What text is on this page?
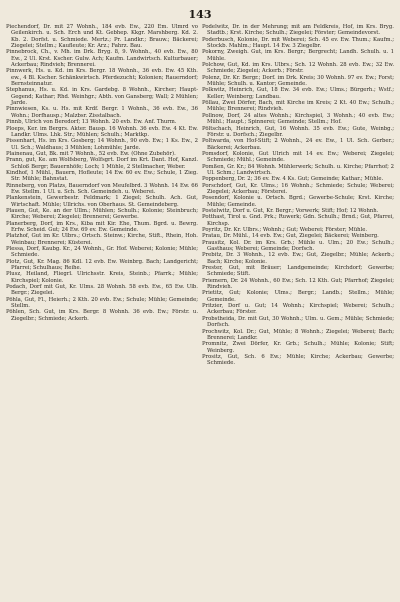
143

Piechendorf, Dr. mit 27 Wohnh., 184 evb. Ew., 220 Em. Ulmrd vo Geilenkirch. u. Sch. Erch und Kt. Gebhep. Kkgr. Marshberg. Kd. 2. Kb. 2. Dorfst. u. Schmiede. Mertz.; Pr. Landkr.; Brauw.; Bäckerei; Ziegelei; Stellm.; Kaufleute; Kr. Arz.; Fahrz. Bau.

Pinnebrock, Ch., v. Mh. im Drk. Bryg. 8, 9. Wohnh., 40 evb. Ew., 80 Ew., 2 Ul. Krst. Kscher. Gulw. Ach; Kaufm. Landwirtsch. Kulturbauer; Ackerbau; Rindvieh; Brennerei.

Pinnwerk, Hs. u. Kd. im Krs. Bergr. 18 Wohnh., 36 evb. Ew. 45 Kth. ew., 4 Bl. Kscher. Schänkwirtsch. Pferdezucht; Kolonien; Rauerndorf; Bernsteinnatur.

Stephanus, Hs. u. Kd. in Krs. Gardebg. 8 Wohnh., Kircher; Haupt-Gegend; Kathar; Rhd. Weinhgr.; Abth. von Gansberg; Wall; 2 Mühlen; Jarde.

Pinnwiesen, Ks. u. Hs. mit Krdf. Bergr. 1 Wohnh., 36 evb. Ew., 36 Wohn.; Dorfhausp.; Malzbsr. Zisstalbach.

Pinnb, Ulrich von Beredorf; 13 Wohnh. 20 evb. Ew. Anf. Thurm.

Ploeps, Ker. im Bergrs. Akter. Bausp. 16 Wohnh. 36 evb. Ew. 4 Kt. Ew. Landkr. Ulms. Lhk. Str.; Mühlen; Schulh.; Marktkp.

Pissenhart, Hs. im Krs. Gosberg; 14 Wohnh., 90 evb. Ew.; 1 Ks. Ew., 2 Ul. Sch.; Waldhaus; 3 Mühlen; Lohmühle; Jarde.

Plainenau, Gut, Bk. mit 7 Wohnh., 52 evb. Ew. (Ohne Zubehör).

Prann, gut, Ke. am Wolfsberg, Wolfsgrt. Dorf im Krt. Dant. Hof, Kanzl. Schloß Bergr; Bauernhöfe; Loch; 1 Mühle, 2 Stellmacher, Weber.

Kindhof, 1 Mühl., Bauern, Hofleute; 14 Ew. 60 ev. Ew.; Schule, 1 Zieg. Str. Mühle; Bahnstat.

Rinneberg, von Platzs, Bauerndorf von Meufelbrd. 3 Wohnh. 14 Ew. 66 Ew. Stellm. 1 Ul. u. Sch. Sch. Gemeindeh. u. Weberei.

Plankenstein, Gewerbestr. Feldmark; 1 Ziegel; Schulh. Ach. Gut, Wirtschaft. Mühle; Ullrichs. von Oberhaus. St. Gemeindeberg.

Plauen, Gut, Ke. an der Ullm.; Mühlen; Schulh.; Kolonie; Steinbruch; Kirche; Weberei; Ziegelei; Brennerei; Gewerbe.

Planerberg, Dorf, im Krs., Kiba mit Kir. Ehe, Thum. Bgrd. u. Bewrg. Erfw. Scheid. Gut; 24 Ew. 69 ev. Ew. Gemeinde.

Platzhof, Gut im Kr. Ulbrs.; Ortsch. Steinw.; Kirche, Stift., Rhein, Hoh. Weinbau; Brennerei; Küsterei.

Plessa, Dorf, Kaubg. Kr., 24 Wohnh., Gr. Hof. Weberei; Kolonie; Mühle; Schmiede.

Plotz, Gut, Kr. Mag. 86 Kdl. 12 evb. Ew. Weinbrg. Bach; Landgericht; Pfarrei; Schulhaus; Reihe.

Plusz, Heiland, Fliegrl. Ulrichsstr. Kreis, Steinb.; Pfarrk.; Mühle; Kirchspiel; Kolonie.

Podach, Dorf mit Gut, Kr. Ulms. 28 Wohnh. 58 evb. Ew., 65 Ew. Ulb. Bergr.; Ziegelei.

Pöhla, Gut, Fl., Heierh.; 2 Kth. 20 evb. Ew.; Schule; Mühle; Gemeinde; Stellm.

Pöhlen, Sch. Gut, im Krs. Bergr. 8 Wohnh. 36 evb. Ew.; Förstr. u. Ziegelbr.; Schmiede; Ackerb.

Podelwitz, Dr. in der Mehrung; mit am Feldkreis, Hof, im Krs. Bryg. Stadtb.; Krst. Kirche; Schulh.; Ziegelei; Förster; Gemeindevorst.

Poderbusch, Kolonie, Dr. mit Weberei; Sch. 45 ev. Ew. Thum.; Kaufm.; Stockb. Mahlm.; Haupt. 14 Ew. 3 Ziegelbr.

Pokorny, Zweigh. Gut, im Krs. Bergr.; Bergrecht; Landh. Schulh. u. 1 Mühle.

Polchow, Gut, Kd. im Krs. Ulbrs.; Sch. 12 Wohnh. 28 evb. Ew.; 32 Ew. Schmiede; Ziegelei; Ackerb.; Förstr.

Polenz, Dr. Kr. Bergr.; Dorf. im Drk. Kreis; 30 Wohnh. 97 ev. Ew.; Forst; Mühle; Schulh. u. Kantor; Gemeinde.

Polkwitz, Heinrich, Gut, 18 Ew. 34 evb. Ew.; Ulms.; Bürgerh.; Wstf.; Keller; Weinberg; Landbau.

Pöllau, Zwei Dörfer, Bach, mit Kirche im Kreis; 2 Kt. 40 Ew.; Schulh.; Mühle; Brennerei; Rindvieh.

Pollnow, Dorf, 24 altes Wohnh.; Kirchspiel, 3 Wohnh.; 40 evb. Ew.; Mühl.; Haupt.; Spinnerei; Gemeinde; Stellm.; Hof.

Pöltschach, Heinrich, Gut, 16 Wohnh. 35 evb. Ew.; Gute, Weinbg.; Förstr. u. Dorfsch.; Ziegelbr.

Poltwarda, von Hof-Stift; 2 Wohnh., 24 ev. Ew., 1 Ul. Sch. Gerber.; Bäckerei; Ackerbau.

Pomsdorf, Kolonie, Gut Ulrich mit 14 ev. Ew.; Weberei; Ziegelei; Schmiede; Mühl.; Gemeinde.

Pomßen, Gr. Kr.; 84 Wohnh. Mühlerwerk; Schulh. u. Kirche; Pfarrhof; 2 Ul. Schm.; Landwirtsch.

Poppenberg, Dr. 2; 36 ev. Ew. 4 Ks. Gut; Gemeinde; Kathar.; Mühle.

Porschdorf, Gut, Kr. Ulms.; 16 Wohnh.; Schmiede; Schule; Weberei; Ziegelei; Ackerbau; Försterei.

Posendorf, Kolonie u. Ortsch. Bgrd.; Gewerbe-Schule; Krst. Kirche; Mühle; Gemeinde.

Postelwitz, Dorf u. Gut, Kr. Bergr.; Vorwerk; Stift; Hof; 12 Wohnh.

Potthast, Tirol u. Gnd. Prk.; Ruwerk; Gdn. Schulh.; Brnd.; Gut, Pfarrei, Kirchsp.

Poyritz, Dr. Kr. Ulbrs.; Wohnh.; Gut; Weberei; Förster; Mühle.

Pratau, Dr. Mühl., 14 evb. Ew.; Gut, Ziegelei; Bäckerei; Weinberg.

Prausitz, Kol. Dr. im Krs. Grb.; Mühle u. Ulm.; 20 Ew.; Schulh.; Gasthaus; Weberei; Gemeinde; Dorfsch.

Prebitz, Dr. 3 Wohnh., 12 evb. Ew.; Gut, Ziegelbr.; Mühle; Ackerb.; Bach; Kirche; Kolonie.

Prester, Gut, mit Bräuer; Landgemeinde; Kirchdorf; Gewerbe; Schmiede; Stift.

Priemern, Dr. 24 Wohnh., 60 Ew.; Sch. 12 Kth. Gut; Pfarrhof; Ziegelei; Rindvieh.

Prietitz, Gut; Kolonie; Ulms.; Bergr.; Landb.; Stellm.; Mühle; Gemeinde.

Pritzier, Dorf u. Gut; 14 Wohnh.; Kirchspiel; Weberei; Schulh.; Ackerbau; Förster.

Probstheida, Dr. mit Gut, 30 Wohnh.; Ulm. u. Gem.; Mühle; Schmiede; Dorfsch.

Prochwitz, Kol. Dr.; Gut, Mühle; 8 Wohnh.; Ziegelei; Weberei; Bach; Brennerei; Landkr.

Promnitz, Zwei Dörfer, Kr. Grb.; Schulh.; Mühle; Kolonie; Stift; Weinberg.

Prositz, Gut, Sch. 6 Ew.; Mühle; Kirche; Ackerbau; Gewerbe; Schmiede.
